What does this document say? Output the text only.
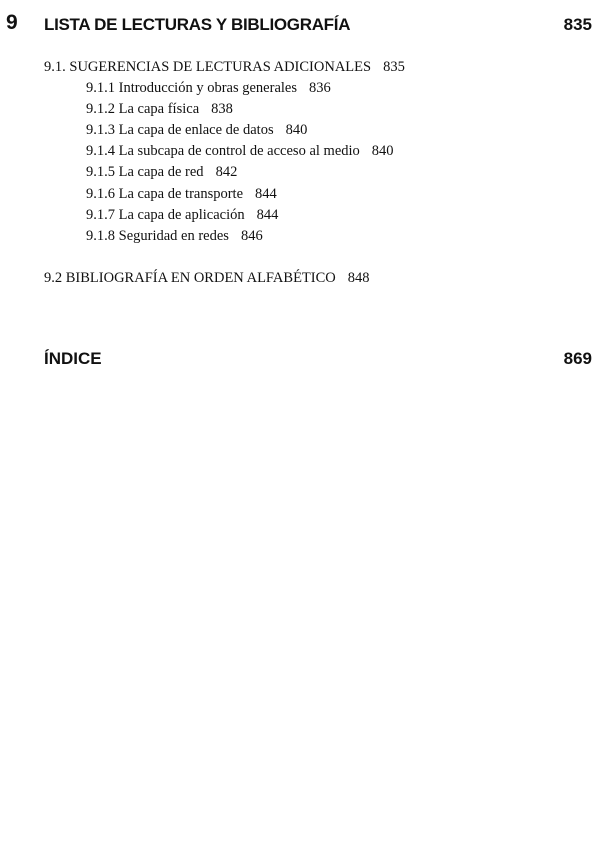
9 LISTA DE LECTURAS Y BIBLIOGRAFÍA	835
9.1. SUGERENCIAS DE LECTURAS ADICIONALES 835
9.1.1 Introducción y obras generales 836
9.1.2 La capa física 838
9.1.3 La capa de enlace de datos 840
9.1.4 La subcapa de control de acceso al medio 840
9.1.5 La capa de red 842
9.1.6 La capa de transporte 844
9.1.7 La capa de aplicación 844
9.1.8 Seguridad en redes 846
9.2 BIBLIOGRAFÍA EN ORDEN ALFABÉTICO 848
ÍNDICE	869
